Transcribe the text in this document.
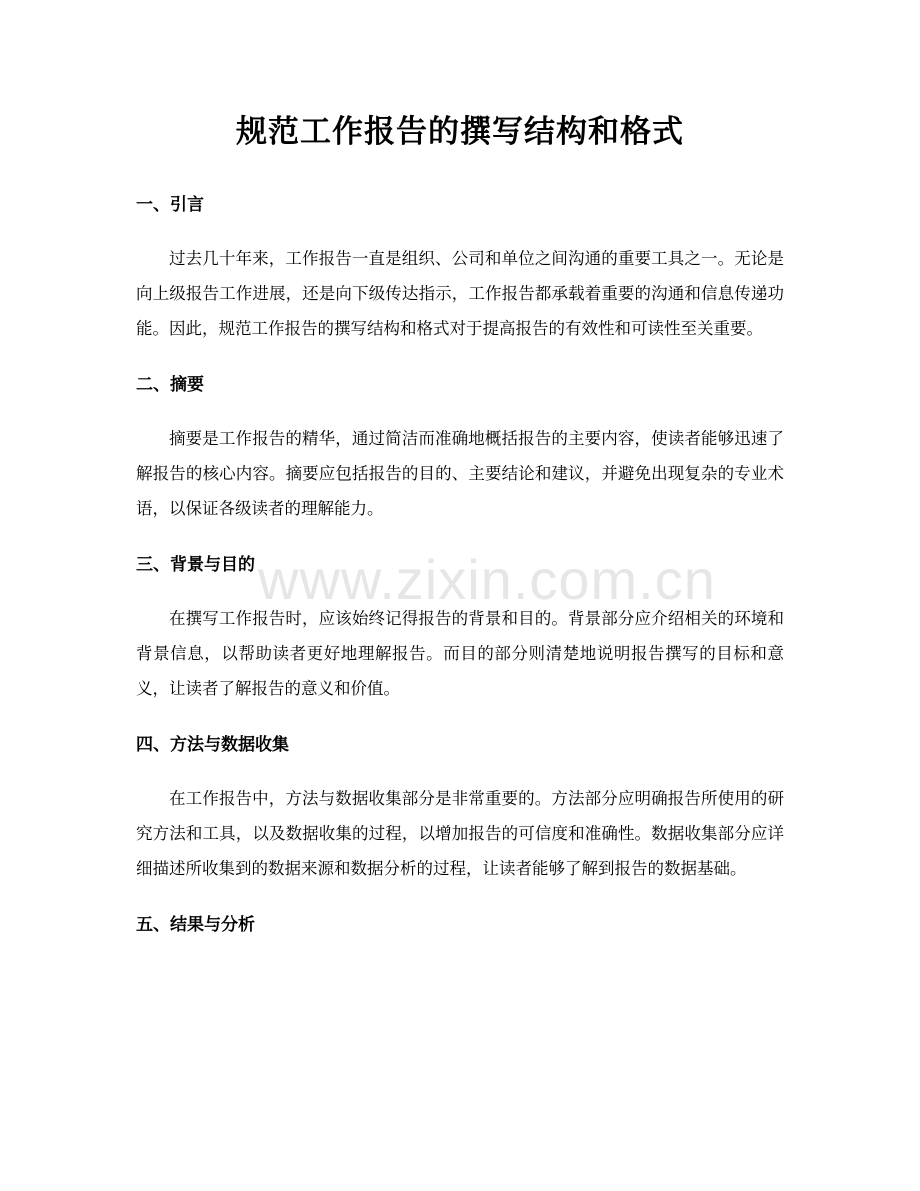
规范工作报告的撰写结构和格式
一、引言

过去几十年来，工作报告一直是组织、公司和单位之间沟通的重要工具之一。无论是向上级报告工作进展，还是向下级传达指示，工作报告都承载着重要的沟通和信息传递功能。因此，规范工作报告的撰写结构和格式对于提高报告的有效性和可读性至关重要。

二、摘要

摘要是工作报告的精华，通过简洁而准确地概括报告的主要内容，使读者能够迅速了解报告的核心内容。摘要应包括报告的目的、主要结论和建议，并避免出现复杂的专业术语，以保证各级读者的理解能力。

三、背景与目的

在撰写工作报告时，应该始终记得报告的背景和目的。背景部分应介绍相关的环境和背景信息，以帮助读者更好地理解报告。而目的部分则清楚地说明报告撰写的目标和意义，让读者了解报告的意义和价值。

四、方法与数据收集

在工作报告中，方法与数据收集部分是非常重要的。方法部分应明确报告所使用的研究方法和工具，以及数据收集的过程，以增加报告的可信度和准确性。数据收集部分应详细描述所收集到的数据来源和数据分析的过程，让读者能够了解到报告的数据基础。

五、结果与分析
www.zixin.com.cn
